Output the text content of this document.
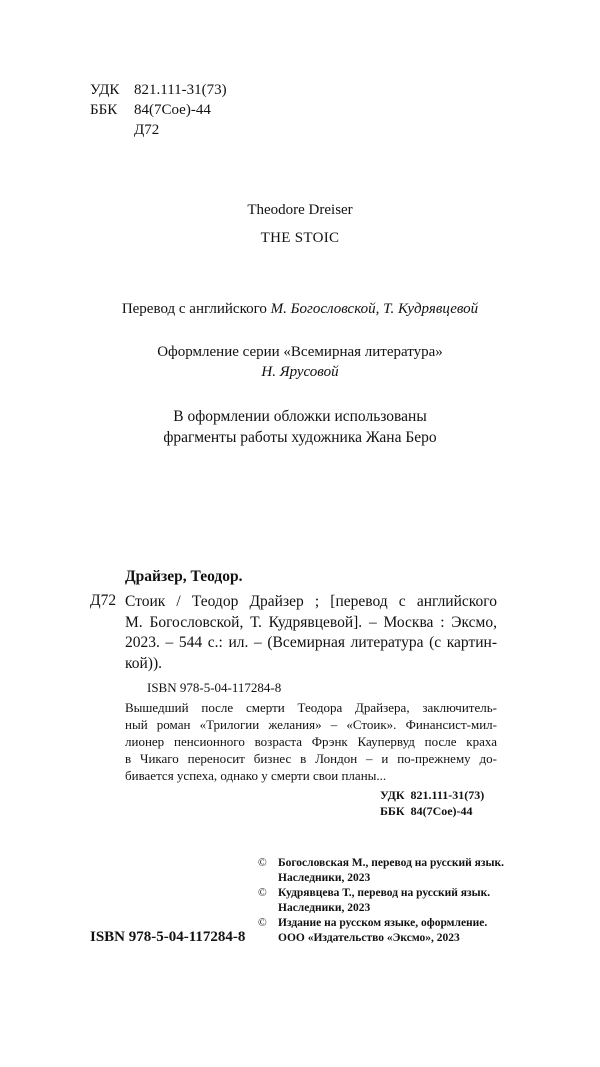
УДК 821.111-31(73)
ББК 84(7Сое)-44
Д72
Theodore Dreiser
THE STOIC
Перевод с английского М. Богословской, Т. Кудрявцевой
Оформление серии «Всемирная литература»
Н. Ярусовой
В оформлении обложки использованы
фрагменты работы художника Жана Беро
Драйзер, Теодор.
Д72 Стоик / Теодор Драйзер ; [перевод с английского
М. Богословской, Т. Кудрявцевой]. – Москва : Эксмо,
2023. – 544 с.: ил. – (Всемирная литература (с картин-
кой)).
ISBN 978-5-04-117284-8
Вышедший после смерти Теодора Драйзера, заключитель-
ный роман «Трилогии желания» – «Стоик». Финансист-мил-
лионер пенсионного возраста Фрэнк Каупервуд после краха
в Чикаго переносит бизнес в Лондон – и по-прежнему до-
бивается успеха, однако у смерти свои планы...
УДК  821.111-31(73)
ББК  84(7Сое)-44
© Богословская М., перевод на русский язык.
Наследники, 2023
© Кудрявцева Т., перевод на русский язык.
Наследники, 2023
© Издание на русском языке, оформление.
ООО «Издательство «Эксмо», 2023
ISBN 978-5-04-117284-8
